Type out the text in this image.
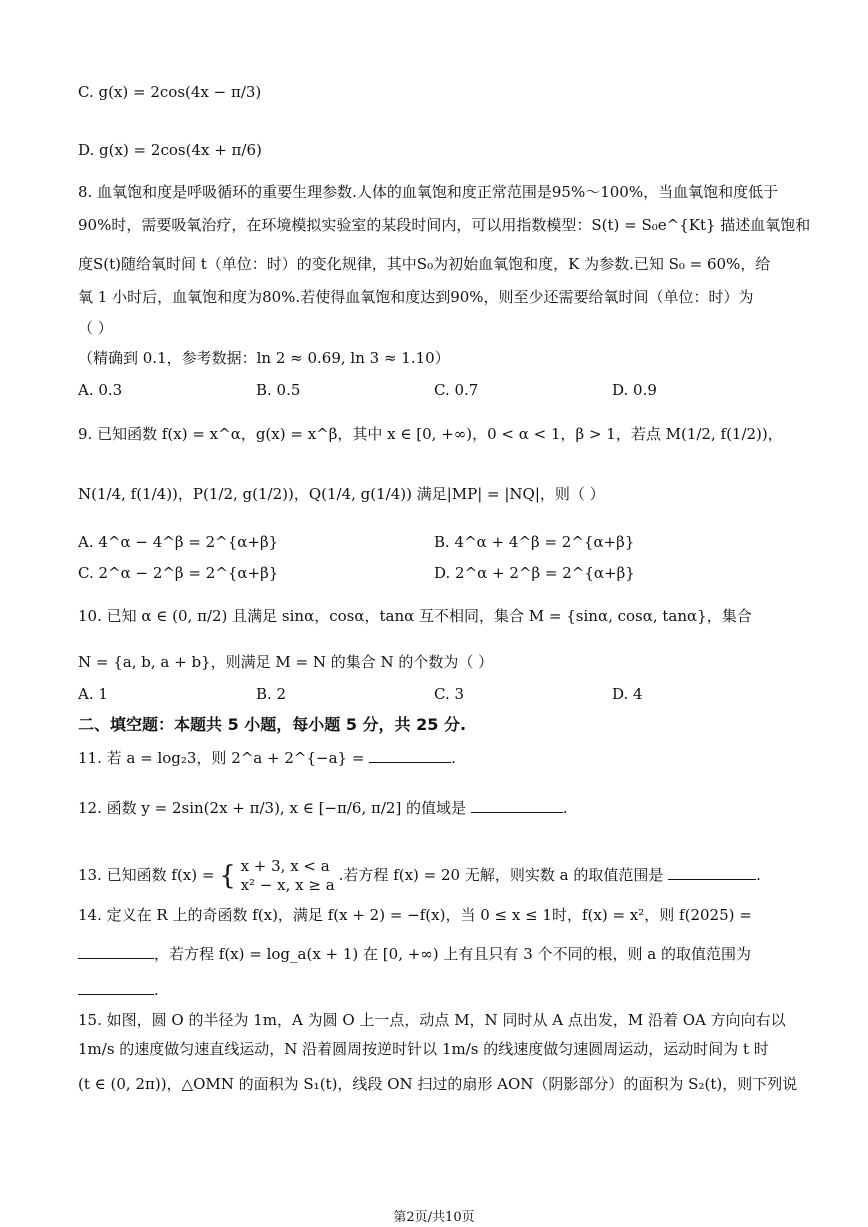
C. g(x) = 2cos(4x − π/3)
D. g(x) = 2cos(4x + π/6)
8. 血氧饱和度是呼吸循环的重要生理参数.人体的血氧饱和度正常范围是95%～100%，当血氧饱和度低于
90%时，需要吸氧治疗，在环境模拟实验室的某段时间内，可以用指数模型：S(t) = S₀e^{Kt} 描述血氧饱和
度S(t)随给氧时间 t（单位：时）的变化规律，其中S₀为初始血氧饱和度，K 为参数.已知 S₀ = 60%，给
氧 1 小时后，血氧饱和度为80%.若使得血氧饱和度达到90%，则至少还需要给氧时间（单位：时）为
（ ）
（精确到 0.1，参考数据：ln 2 ≈ 0.69, ln 3 ≈ 1.10）
A. 0.3	B. 0.5	C. 0.7	D. 0.9
9. 已知函数 f(x) = x^α，g(x) = x^β，其中 x ∈ [0, +∞)，0 < α < 1，β > 1，若点 M(1/2, f(1/2))，
N(1/4, f(1/4))，P(1/2, g(1/2))，Q(1/4, g(1/4)) 满足|MP| = |NQ|，则（ ）
A. 4^α − 4^β = 2^{α+β}	B. 4^α + 4^β = 2^{α+β}
C. 2^α − 2^β = 2^{α+β}	D. 2^α + 2^β = 2^{α+β}
10. 已知 α ∈ (0, π/2) 且满足 sinα，cosα，tanα 互不相同，集合 M = {sinα, cosα, tanα}，集合
N = {a, b, a + b}，则满足 M = N 的集合 N 的个数为（ ）
A. 1	B. 2	C. 3	D. 4
二、填空题：本题共 5 小题，每小题 5 分，共 25 分.
11. 若 a = log₂3，则 2^a + 2^{−a} =	.
12. 函数 y = 2sin(2x + π/3), x ∈ [−π/6, π/2] 的值域是	.
13. 已知函数 f(x) = { x + 3, x < a
x² − x, x ≥ a
.若方程 f(x) = 20 无解，则实数 a 的取值范围是	.
14. 定义在 R 上的奇函数 f(x)，满足 f(x + 2) = −f(x)，当 0 ≤ x ≤ 1时，f(x) = x²，则 f(2025) =
，若方程 f(x) = log_a(x + 1) 在 [0, +∞) 上有且只有 3 个不同的根，则 a 的取值范围为
.
15. 如图，圆 O 的半径为 1m，A 为圆 O 上一点，动点 M，N 同时从 A 点出发，M 沿着 OA 方向向右以
1m/s 的速度做匀速直线运动，N 沿着圆周按逆时针以 1m/s 的线速度做匀速圆周运动，运动时间为 t 时
(t ∈ (0, 2π))，△OMN 的面积为 S₁(t)，线段 ON 扫过的扇形 AON（阴影部分）的面积为 S₂(t)，则下列说
第2页/共10页
